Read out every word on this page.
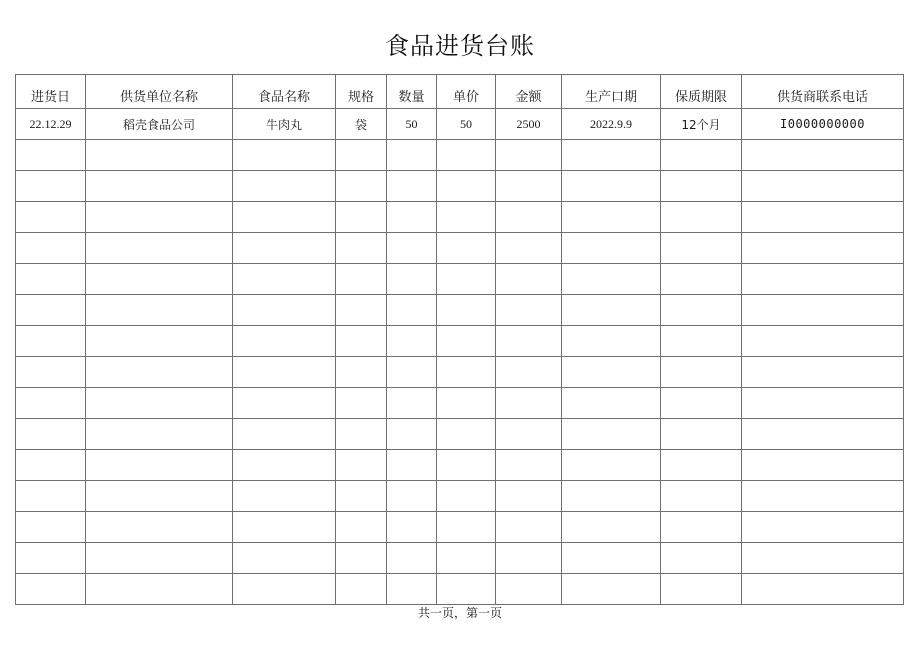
食品进货台账
进货日	供货单位名称	食品名称	规格	数量	单价	金额	生产口期	保质期限	供货商联系电话
22.12.29	稻壳食品公司	牛肉丸	袋	50	50	2500	2022.9.9	12个月	I0000000000

共一页，第一页
